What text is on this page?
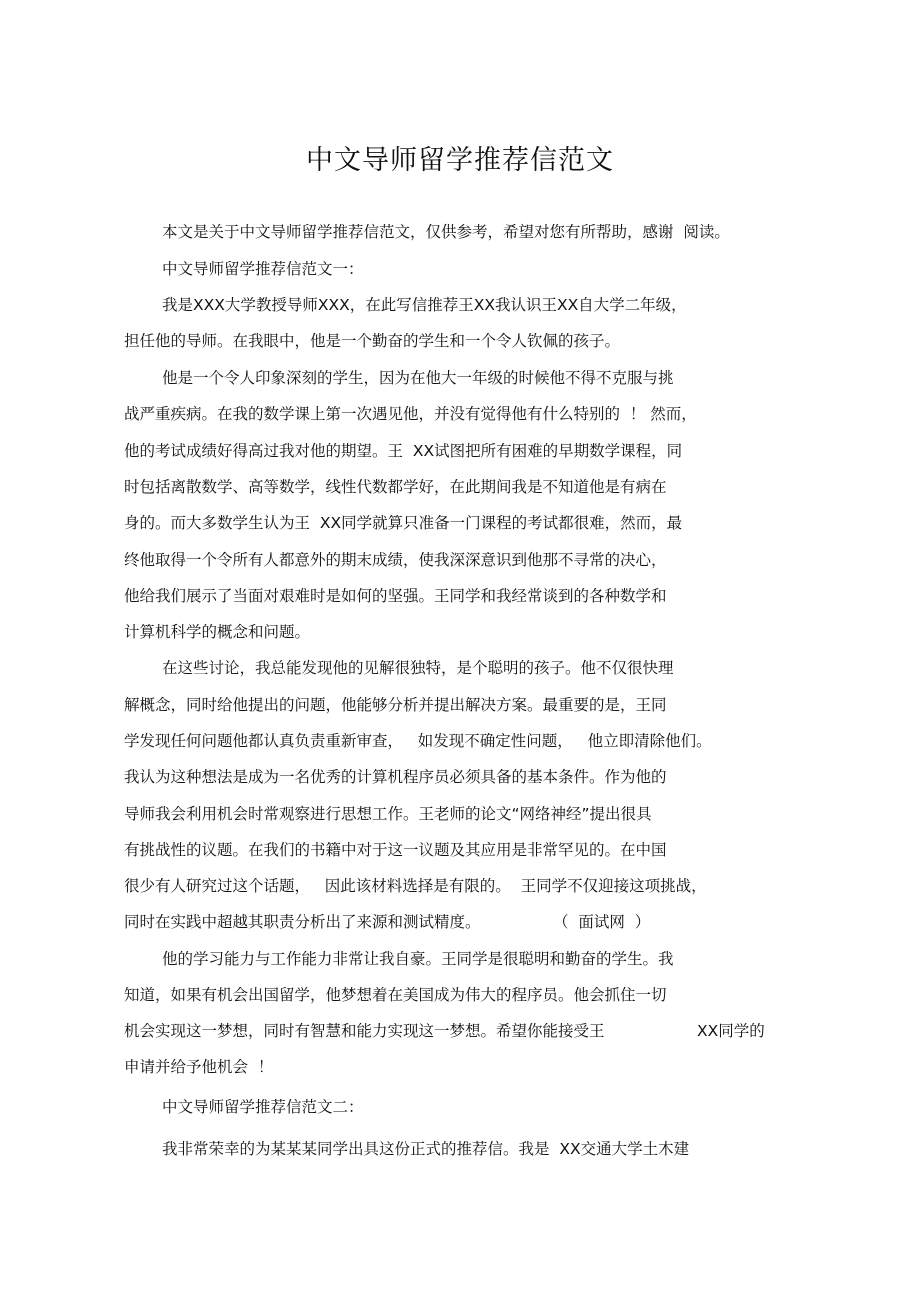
中文导师留学推荐信范文

本文是关于中文导师留学推荐信范文，仅供参考，希望对您有所帮助，感谢  阅读。

中文导师留学推荐信范文一：

我是XXX大学教授导师XXX，在此写信推荐王XX我认识王XX自大学二年级，

担任他的导师。在我眼中，他是一个勤奋的学生和一个令人钦佩的孩子。

他是一个令人印象深刻的学生，因为在他大一年级的时候他不得不克服与挑

战严重疾病。在我的数学课上第一次遇见他，并没有觉得他有什么特别的  ！ 然而，

他的考试成绩好得高过我对他的期望。王  XX试图把所有困难的早期数学课程，同

时包括离散数学、高等数学，线性代数都学好，在此期间我是不知道他是有病在

身的。而大多数学生认为王  XX同学就算只准备一门课程的考试都很难，然而，最

终他取得一个令所有人都意外的期末成绩，使我深深意识到他那不寻常的决心，

他给我们展示了当面对艰难时是如何的坚强。王同学和我经常谈到的各种数学和

计算机科学的概念和问题。

在这些讨论，我总能发现他的见解很独特，是个聪明的孩子。他不仅很快理

解概念，同时给他提出的问题，他能够分析并提出解决方案。最重要的是，王同

学发现任何问题他都认真负责重新审查，   如发现不确定性问题，   他立即清除他们。

我认为这种想法是成为一名优秀的计算机程序员必须具备的基本条件。作为他的

导师我会利用机会时常观察进行思想工作。王老师的论文“网络神经”提出很具

有挑战性的议题。在我们的书籍中对于这一议题及其应用是非常罕见的。在中国

很少有人研究过这个话题，   因此该材料选择是有限的。  王同学不仅迎接这项挑战，

同时在实践中超越其职责分析出了来源和测试精度。	（  面试网  ）

他的学习能力与工作能力非常让我自豪。王同学是很聪明和勤奋的学生。我

知道，如果有机会出国留学，他梦想着在美国成为伟大的程序员。他会抓住一切

机会实现这一梦想，同时有智慧和能力实现这一梦想。希望你能接受王	XX同学的

申请并给予他机会  ！

中文导师留学推荐信范文二：

我非常荣幸的为某某某同学出具这份正式的推荐信。我是  XX交通大学土木建
